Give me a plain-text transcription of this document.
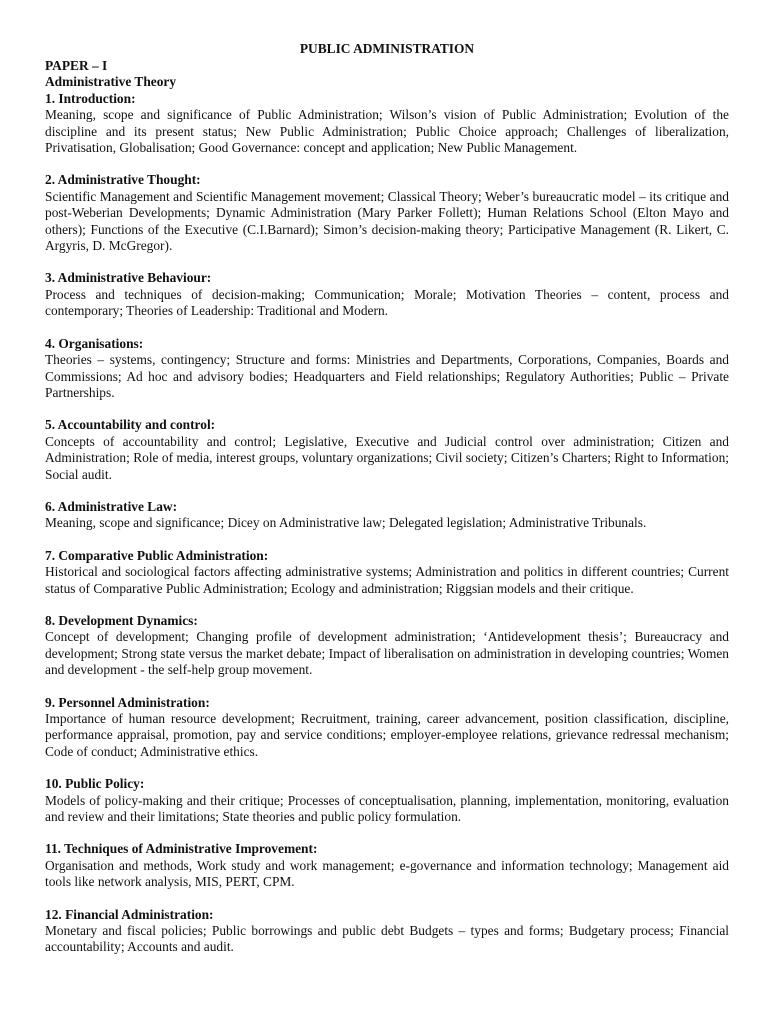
PUBLIC ADMINISTRATION
PAPER – I
Administrative Theory

1. Introduction:

Meaning, scope and significance of Public Administration; Wilson’s vision of Public Administration; Evolution of the discipline and its present status; New Public Administration; Public Choice approach; Challenges of liberalization, Privatisation, Globalisation; Good Governance: concept and application; New Public Management.

2. Administrative Thought:

Scientific Management and Scientific Management movement; Classical Theory; Weber’s bureaucratic model – its critique and post-Weberian Developments; Dynamic Administration (Mary Parker Follett); Human Relations School (Elton Mayo and others); Functions of the Executive (C.I.Barnard); Simon’s decision-making theory; Participative Management (R. Likert, C. Argyris, D. McGregor).

3. Administrative Behaviour:

Process and techniques of decision-making; Communication; Morale; Motivation Theories – content, process and contemporary; Theories of Leadership: Traditional and Modern.

4. Organisations:

Theories – systems, contingency; Structure and forms: Ministries and Departments, Corporations, Companies, Boards and Commissions; Ad hoc and advisory bodies; Headquarters and Field relationships; Regulatory Authorities; Public – Private Partnerships.

5. Accountability and control:

Concepts of accountability and control; Legislative, Executive and Judicial control over administration; Citizen and Administration; Role of media, interest groups, voluntary organizations; Civil society; Citizen’s Charters; Right to Information; Social audit.

6. Administrative Law:

Meaning, scope and significance; Dicey on Administrative law; Delegated legislation; Administrative Tribunals.

7. Comparative Public Administration:

Historical and sociological factors affecting administrative systems; Administration and politics in different countries; Current status of Comparative Public Administration; Ecology and administration; Riggsian models and their critique.

8. Development Dynamics:

Concept of development; Changing profile of development administration; ‘Antidevelopment thesis’; Bureaucracy and development; Strong state versus the market debate; Impact of liberalisation on administration in developing countries; Women and development - the self-help group movement.

9. Personnel Administration:

Importance of human resource development; Recruitment, training, career advancement, position classification, discipline, performance appraisal, promotion, pay and service conditions; employer-employee relations, grievance redressal mechanism; Code of conduct; Administrative ethics.

10. Public Policy:

Models of policy-making and their critique; Processes of conceptualisation, planning, implementation, monitoring, evaluation and review and their limitations; State theories and public policy formulation.

11. Techniques of Administrative Improvement:

Organisation and methods, Work study and work management; e-governance and information technology; Management aid tools like network analysis, MIS, PERT, CPM.

12. Financial Administration:

Monetary and fiscal policies; Public borrowings and public debt Budgets – types and forms; Budgetary process; Financial accountability; Accounts and audit.
